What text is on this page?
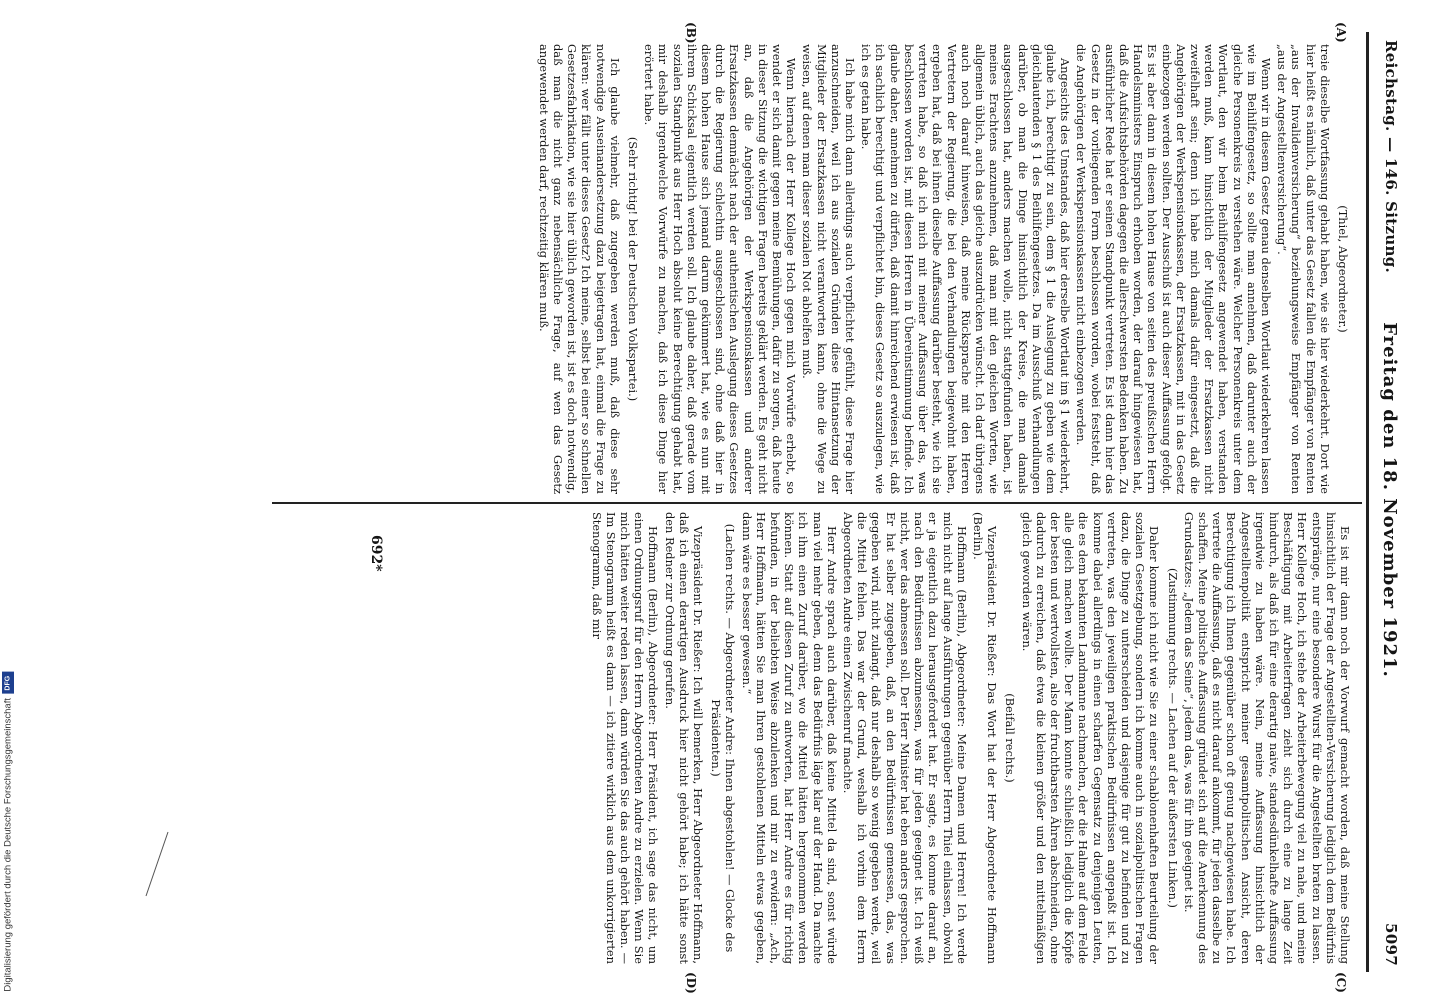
Reichstag. — 146. Sitzung.
Freitag den 18. November 1921.
5097
(A)
(B)
(C)
(D)

(Thiel, Abgeordneter.)

treie dieselbe Wortfassung gehabt haben, wie sie hier wiederkehrt. Dort wie hier heißt es nämlich, daß unter das Gesetz fallen die Empfänger von Renten „aus der Invalidenversicherung“ beziehungsweise Empfänger von Renten „aus der Angestelltenversicherung“.

Wenn wir in diesem Gesetz genau denselben Wortlaut wiederkehren lassen wie im Beihilfengesetz, so sollte man annehmen, daß darunter auch der gleiche Personenkreis zu verstehen wäre. Welcher Personenkreis unter dem Wortlaut, den wir beim Beihilfengesetz angewendet haben, verstanden werden muß, kann hinsichtlich der Mitglieder der Ersatzkassen nicht zweifelhaft sein; denn ich habe mich damals dafür eingesetzt, daß die Angehörigen der Werkspensionskassen, der Ersatzkassen, mit in das Gesetz einbezogen werden sollten. Der Ausschuß ist auch dieser Auffassung gefolgt. Es ist aber dann in diesem hohen Hause von seiten des preußischen Herrn Handelsministers Einspruch erhoben worden, der darauf hingewiesen hat, daß die Aufsichtsbehörden dagegen die allerschwersten Bedenken haben. Zu ausführlicher Rede hat er seinen Standpunkt vertreten. Es ist dann hier das Gesetz in der vorliegenden Form beschlossen worden, wobei feststeht, daß die Angehörigen der Werkspensionskassen nicht einbezogen werden.

Angesichts des Umstandes, daß hier derselbe Wortlaut im § 1 wiederkehrt, glaube ich, berechtigt zu sein, dem § 1 die Auslegung zu geben wie dem gleichlautenden § 1 des Beihilfengesetzes. Da im Ausschuß Verhandlungen darüber, ob man die Dinge hinsichtlich der Kreise, die man damals ausgeschlossen hat, anders machen wolle, nicht stattgefunden haben, ist meines Erachtens anzunehmen, daß man mit den gleichen Worten, wie allgemein üblich, auch das gleiche auszudrücken wünscht. Ich darf übrigens auch noch darauf hinweisen, daß meine Rücksprache mit den Herren Vertretern der Regierung, die bei den Verhandlungen beigewohnt haben, ergeben hat, daß bei ihnen dieselbe Auffassung darüber besteht, wie ich sie vertreten habe, so daß ich mich mit meiner Auffassung über das, was beschlossen worden ist, mit diesen Herren in Übereinstimmung befinde. Ich glaube daher, annehmen zu dürfen, daß damit hinreichend erwiesen ist, daß ich sachlich berechtigt und verpflichtet bin, dieses Gesetz so auszulegen, wie ich es getan habe.

Ich habe mich dann allerdings auch verpflichtet gefühlt, diese Frage hier anzuschneiden, weil ich aus sozialen Gründen diese Hintansetzung der Mitglieder der Ersatzkassen nicht verantworten kann, ohne die Wege zu weisen, auf denen man dieser sozialen Not abhelfen muß.

Wenn hiernach der Herr Kollege Hoch gegen mich Vorwürfe erhebt, so wendet er sich damit gegen meine Bemühungen, dafür zu sorgen, daß heute in dieser Sitzung die wichtigen Fragen bereits geklärt werden. Es geht nicht an, daß die Angehörigen der Werkspensionskassen und anderer Ersatzkassen demnächst nach der authentischen Auslegung dieses Gesetzes durch die Regierung schlechtin ausgeschlossen sind, ohne daß hier in diesem hohen Hause sich jemand darum gekümmert hat, wie es nun mit ihrem Schicksal eigentlich werden soll. Ich glaube daher, daß gerade vom sozialen Standpunkt aus Herr Hoch absolut keine Berechtigung gehabt hat, mir deshalb irgendwelche Vorwürfe zu machen, daß ich diese Dinge hier erörtert habe.

(Sehr richtig! bei der Deutschen Volkspartei.)

Ich glaube vielmehr, daß zugegeben werden muß, daß diese sehr notwendige Auseinandersetzung dazu beigetragen hat, einmal die Frage zu klären: wer fällt unter dieses Gesetz? Ich meine, selbst bei einer so schnellen Gesetzesfabrikation, wie sie hier üblich geworden ist, ist es doch notwendig, daß man die nicht ganz nebensächliche Frage, auf wen das Gesetz angewendet werden darf, rechtzeitig klären muß.

Es ist mir dann noch der Vorwurf gemacht worden, daß meine Stellung hinsichtlich der Frage der Angestellten-Versicherung lediglich dem Bedürfnis entspränge, nur eine besondere Wurst für die Angestellten braten zu lassen. Herr Kollege Hoch, ich stehe der Arbeiterbewegung viel zu nahe, und meine Beschäftigung mit Arbeiterfragen zieht sich durch eine zu lange Zeit hindurch, als daß ich für eine derartig naive, standesdünkelhafte Auffassung irgendwie zu haben wäre. Nein, meine Auffassung hinsichtlich der Angestelltenpolitik entspricht meiner gesamtpolitischen Ansicht, deren Berechtigung ich Ihnen gegenüber schon oft genug nachgewiesen habe. Ich vertrete die Auffassung, daß es nicht darauf ankommt, für jeden dasselbe zu schaffen. Meine politische Auffassung gründet sich auf die Anerkennung des Grundsatzes: „Jedem das Seine“, jedem das, was für ihn geeignet ist.

(Zustimmung rechts. — Lachen auf der äußersten Linken.)

Daher komme ich nicht wie Sie zu einer schablonenhaften Beurteilung der sozialen Gesetzgebung, sondern ich komme auch in sozialpolitischen Fragen dazu, die Dinge zu unterscheiden und dasjenige für gut zu befinden und zu vertreten, was den jeweiligen praktischen Bedürfnissen angepaßt ist. Ich komme dabei allerdings in einen scharfen Gegensatz zu denjenigen Leuten, die es dem bekannten Landmanne nachmachen, der die Halme auf dem Felde alle gleich machen wollte. Der Mann konnte schließlich lediglich die Köpfe der besten und wertvollsten, also der fruchtbarsten Ähren abschneiden, ohne dadurch zu erreichen, daß etwa die kleinen größer und den mittelmäßigen gleich geworden wären.

(Beifall rechts.)

Vizepräsident Dr. Rießer: Das Wort hat der Herr Abgeordnete Hoffmann (Berlin).

Hoffmann (Berlin), Abgeordneter: Meine Damen und Herren! Ich werde mich nicht auf lange Ausführungen gegenüber Herrn Thiel einlassen, obwohl er ja eigentlich dazu herausgefordert hat. Er sagte, es komme darauf an, nach den Bedürfnissen abzumessen, was für jeden geeignet ist. Ich weiß nicht, wer das abmessen soll. Der Herr Minister hat eben anders gesprochen. Er hat selber zugegeben, daß, an den Bedürfnissen gemessen, das, was gegeben wird, nicht zulangt, daß nur deshalb so wenig gegeben werde, weil die Mittel fehlen. Das war der Grund, weshalb ich vorhin dem Herrn Abgeordneten Andre einen Zwischenruf machte.

Herr Andre sprach auch darüber, daß keine Mittel da sind, sonst würde man viel mehr geben, denn das Bedürfnis läge klar auf der Hand. Da machte ich ihm einen Zuruf darüber, wo die Mittel hätten hergenommen werden können. Statt auf diesen Zuruf zu antworten, hat Herr Andre es für richtig befunden, in der beliebten Weise abzulenken und mir zu erwidern: „Ach, Herr Hoffmann, hätten Sie man Ihren gestohlenen Mitteln etwas gegeben, dann wäre es besser gewesen.“

(Lachen rechts. — Abgeordneter Andre: Ihnen abgestohlen! — Glocke des Präsidenten.)

Vizepräsident Dr. Rießer: Ich will bemerken, Herr Abgeordneter Hoffmann, daß ich einen derartigen Ausdruck hier nicht gehört habe; ich hätte sonst den Redner zur Ordnung gerufen.

Hoffmann (Berlin), Abgeordneter: Herr Präsident, ich sage das nicht, um einen Ordnungsruf für den Herrn Abgeordneten Andre zu erzielen. Wenn Sie mich hätten weiter reden lassen, dann würden Sie das auch gehört haben. — Im Stenogramm heißt es dann — ich zitiere wirklich aus dem unkorrigierten Stenogramm, daß mir

692*
Digitalisierung gefördert durch die Deutsche Forschungsgemeinschaft
DFG
